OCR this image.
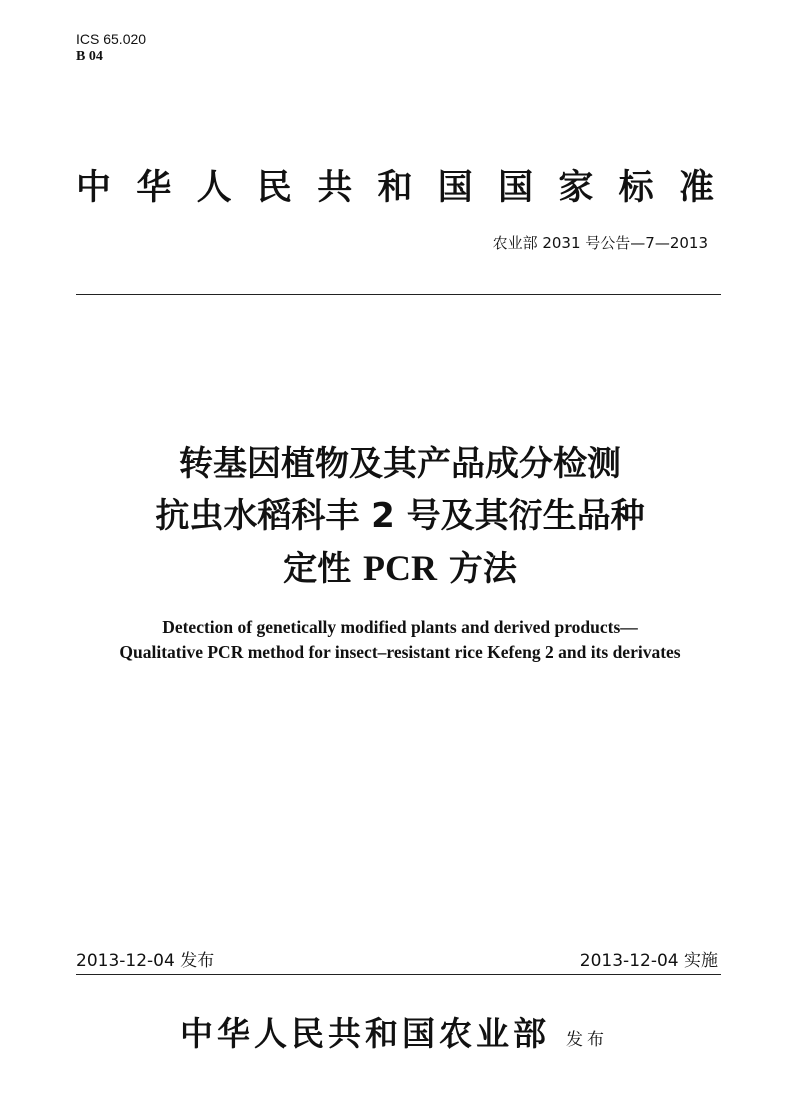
ICS 65.020
B 04
中华人民共和国国家标准
农业部 2031 号公告—7—2013
转基因植物及其产品成分检测
抗虫水稻科丰 2 号及其衍生品种
定性 PCR 方法
Detection of genetically modified plants and derived products—
Qualitative PCR method for insect–resistant rice Kefeng 2 and its derivates
2013-12-04 发布	2013-12-04 实施
中华人民共和国农业部 发布
